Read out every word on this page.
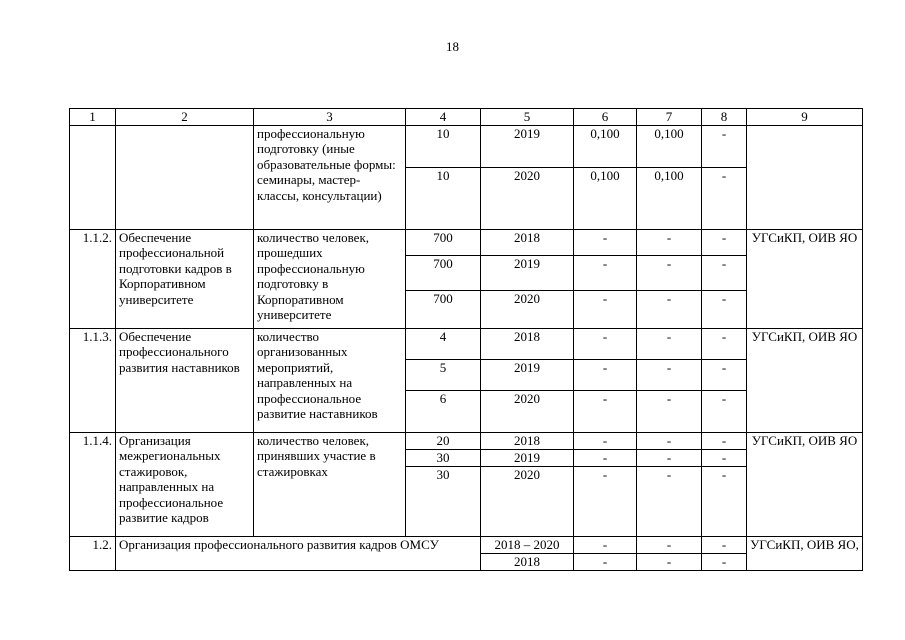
18
1	2	3	4	5	6	7	8	9
		профессиональную подготовку (иные образовательные формы: семинары, мастер-классы, консультации)	10	2019	0,100	0,100	-	
			10	2020	0,100	0,100	-	
1.1.2.	Обеспечение профессиональной подготовки кадров в Корпоративном университете	количество человек, прошедших профессиональную подготовку в Корпоративном университете	700	2018	-	-	-	УГСиКП, ОИВ ЯО
			700	2019	-	-	-	
			700	2020	-	-	-	
1.1.3.	Обеспечение профессионального развития наставников	количество организованных мероприятий, направленных на профессиональное развитие наставников	4	2018	-	-	-	УГСиКП, ОИВ ЯО
			5	2019	-	-	-	
			6	2020	-	-	-	
1.1.4.	Организация межрегиональных стажировок, направленных на профессиональное развитие кадров	количество человек, принявших участие в стажировках	20	2018	-	-	-	УГСиКП, ОИВ ЯО
			30	2019	-	-	-	
			30	2020	-	-	-	
1.2.	Организация профессионального развития кадров ОМСУ			2018 – 2020	-	-	-	УГСиКП, ОИВ ЯО,
				2018	-	-	-	
